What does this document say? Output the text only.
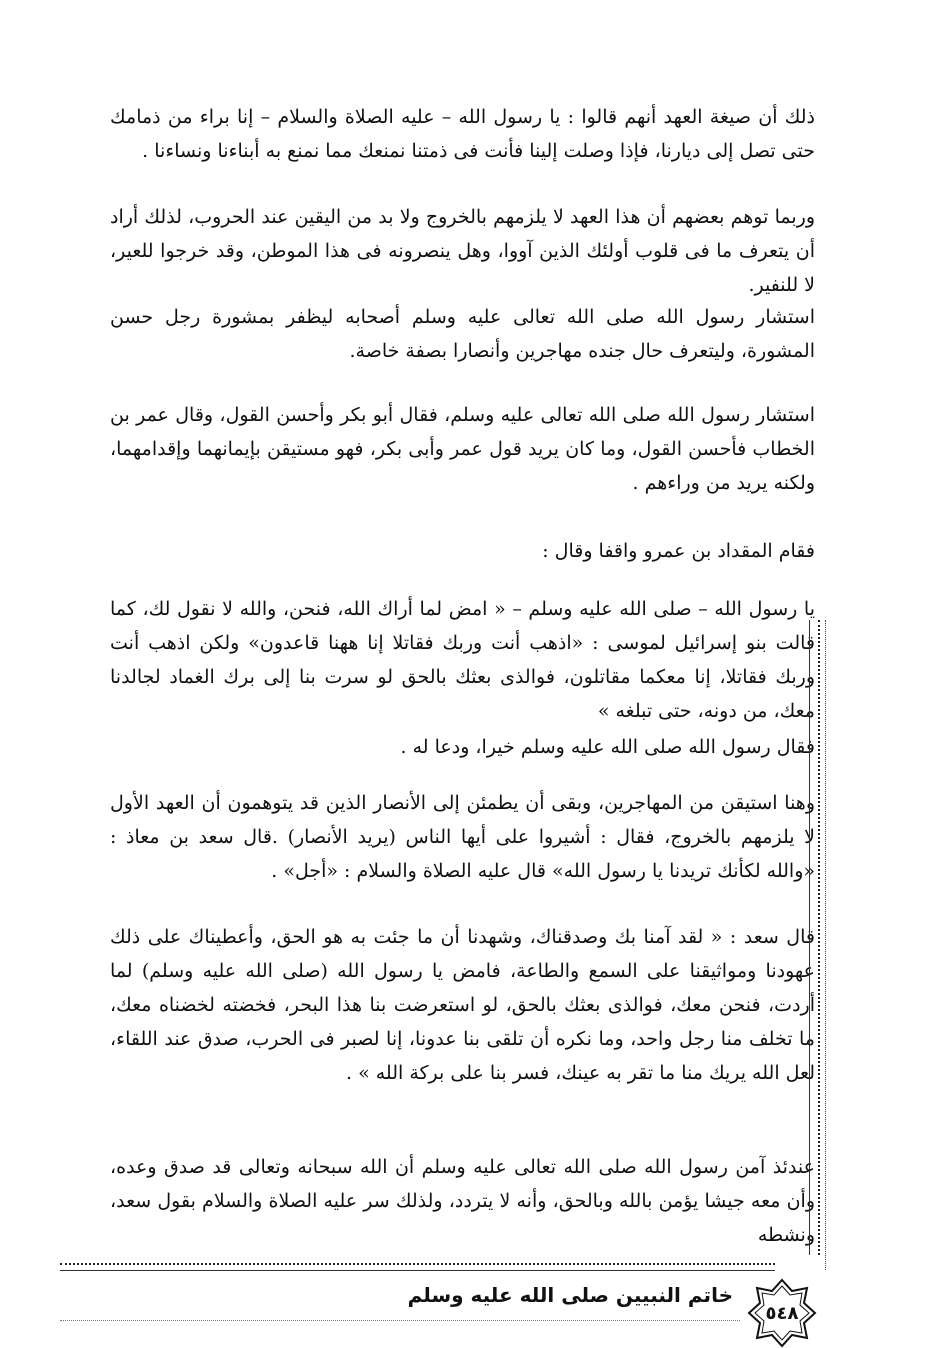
ذلك أن صيغة العهد أنهم قالوا : يا رسول الله – عليه الصلاة والسلام – إنا براء من ذمامك حتى تصل إلى ديارنا، فإذا وصلت إلينا فأنت فى ذمتنا نمنعك مما نمنع به أبناءنا ونساءنا .

وربما توهم بعضهم أن هذا العهد لا يلزمهم بالخروج ولا بد من اليقين عند الحروب، لذلك أراد أن يتعرف ما فى قلوب أولئك الذين آووا، وهل ينصرونه فى هذا الموطن، وقد خرجوا للعير، لا للنفير.

استشار رسول الله صلى الله تعالى عليه وسلم أصحابه ليظفر بمشورة رجل حسن المشورة، وليتعرف حال جنده مهاجرين وأنصارا بصفة خاصة.

استشار رسول الله صلى الله تعالى عليه وسلم، فقال أبو بكر وأحسن القول، وقال عمر بن الخطاب فأحسن القول، وما كان يريد قول عمر وأبى بكر، فهو مستيقن بإيمانهما وإقدامهما، ولكنه يريد من وراءهم .

فقام المقداد بن عمرو واقفا وقال :

يا رسول الله – صلى الله عليه وسلم – « امض لما أراك الله، فنحن، والله لا نقول لك، كما قالت بنو إسرائيل لموسى : «اذهب أنت وربك فقاتلا إنا ههنا قاعدون» ولكن اذهب أنت وربك فقاتلا، إنا معكما مقاتلون، فوالذى بعثك بالحق لو سرت بنا إلى برك الغماد لجالدنا معك، من دونه، حتى تبلغه »

فقال رسول الله صلى الله عليه وسلم خيرا، ودعا له .

وهنا استيقن من المهاجرين، وبقى أن يطمئن إلى الأنصار الذين قد يتوهمون أن العهد الأول لا يلزمهم بالخروج، فقال : أشيروا على أيها الناس (يريد الأنصار) .قال سعد بن معاذ : «والله لكأنك تريدنا يا رسول الله» قال عليه الصلاة والسلام : «أجل» .

قال سعد : « لقد آمنا بك وصدقناك، وشهدنا أن ما جئت به هو الحق، وأعطيناك على ذلك عهودنا ومواثيقنا على السمع والطاعة، فامض يا رسول الله (صلى الله عليه وسلم) لما أردت، فنحن معك، فوالذى بعثك بالحق، لو استعرضت بنا هذا البحر، فخضته لخضناه معك، ما تخلف منا رجل واحد، وما نكره أن تلقى بنا عدونا، إنا لصبر فى الحرب، صدق عند اللقاء، لعل الله يريك منا ما تقر به عينك، فسر بنا على بركة الله » .

عندئذ آمن رسول الله صلى الله تعالى عليه وسلم أن الله سبحانه وتعالى قد صدق وعده، وأن معه جيشا يؤمن بالله وبالحق، وأنه لا يتردد، ولذلك سر عليه الصلاة والسلام بقول سعد، ونشطه

٥٤٨
خاتم النبيين صلى الله عليه وسلم
